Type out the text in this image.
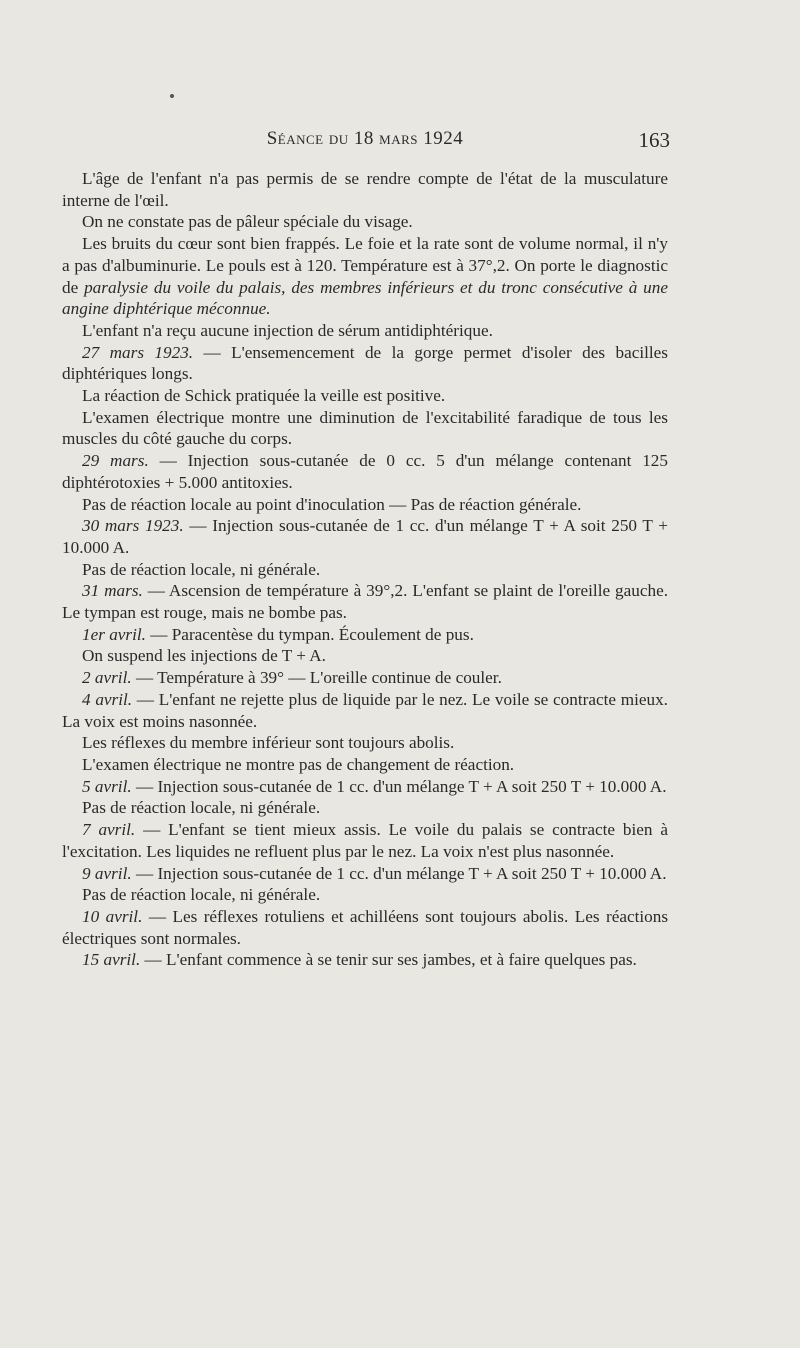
Séance du 18 mars 1924	163

L'âge de l'enfant n'a pas permis de se rendre compte de l'état de la musculature interne de l'œil.

On ne constate pas de pâleur spéciale du visage.

Les bruits du cœur sont bien frappés. Le foie et la rate sont de volume normal, il n'y a pas d'albuminurie. Le pouls est à 120. Température est à 37°,2. On porte le diagnostic de paralysie du voile du palais, des membres inférieurs et du tronc consécutive à une angine diphtérique méconnue.

L'enfant n'a reçu aucune injection de sérum antidiphtérique.

27 mars 1923. — L'ensemencement de la gorge permet d'isoler des bacilles diphtériques longs.

La réaction de Schick pratiquée la veille est positive.

L'examen électrique montre une diminution de l'excitabilité faradique de tous les muscles du côté gauche du corps.

29 mars. — Injection sous-cutanée de 0 cc. 5 d'un mélange contenant 125 diphtérotoxies + 5.000 antitoxies.

Pas de réaction locale au point d'inoculation — Pas de réaction générale.

30 mars 1923. — Injection sous-cutanée de 1 cc. d'un mélange T + A soit 250 T + 10.000 A.

Pas de réaction locale, ni générale.

31 mars. — Ascension de température à 39°,2. L'enfant se plaint de l'oreille gauche. Le tympan est rouge, mais ne bombe pas.

1er avril. — Paracentèse du tympan. Écoulement de pus.

On suspend les injections de T + A.

2 avril. — Température à 39° — L'oreille continue de couler.

4 avril. — L'enfant ne rejette plus de liquide par le nez. Le voile se contracte mieux. La voix est moins nasonnée.

Les réflexes du membre inférieur sont toujours abolis.

L'examen électrique ne montre pas de changement de réaction.

5 avril. — Injection sous-cutanée de 1 cc. d'un mélange T + A soit 250 T + 10.000 A.

Pas de réaction locale, ni générale.

7 avril. — L'enfant se tient mieux assis. Le voile du palais se contracte bien à l'excitation. Les liquides ne refluent plus par le nez. La voix n'est plus nasonnée.

9 avril. — Injection sous-cutanée de 1 cc. d'un mélange T + A soit 250 T + 10.000 A.

Pas de réaction locale, ni générale.

10 avril. — Les réflexes rotuliens et achilléens sont toujours abolis. Les réactions électriques sont normales.

15 avril. — L'enfant commence à se tenir sur ses jambes, et à faire quelques pas.
